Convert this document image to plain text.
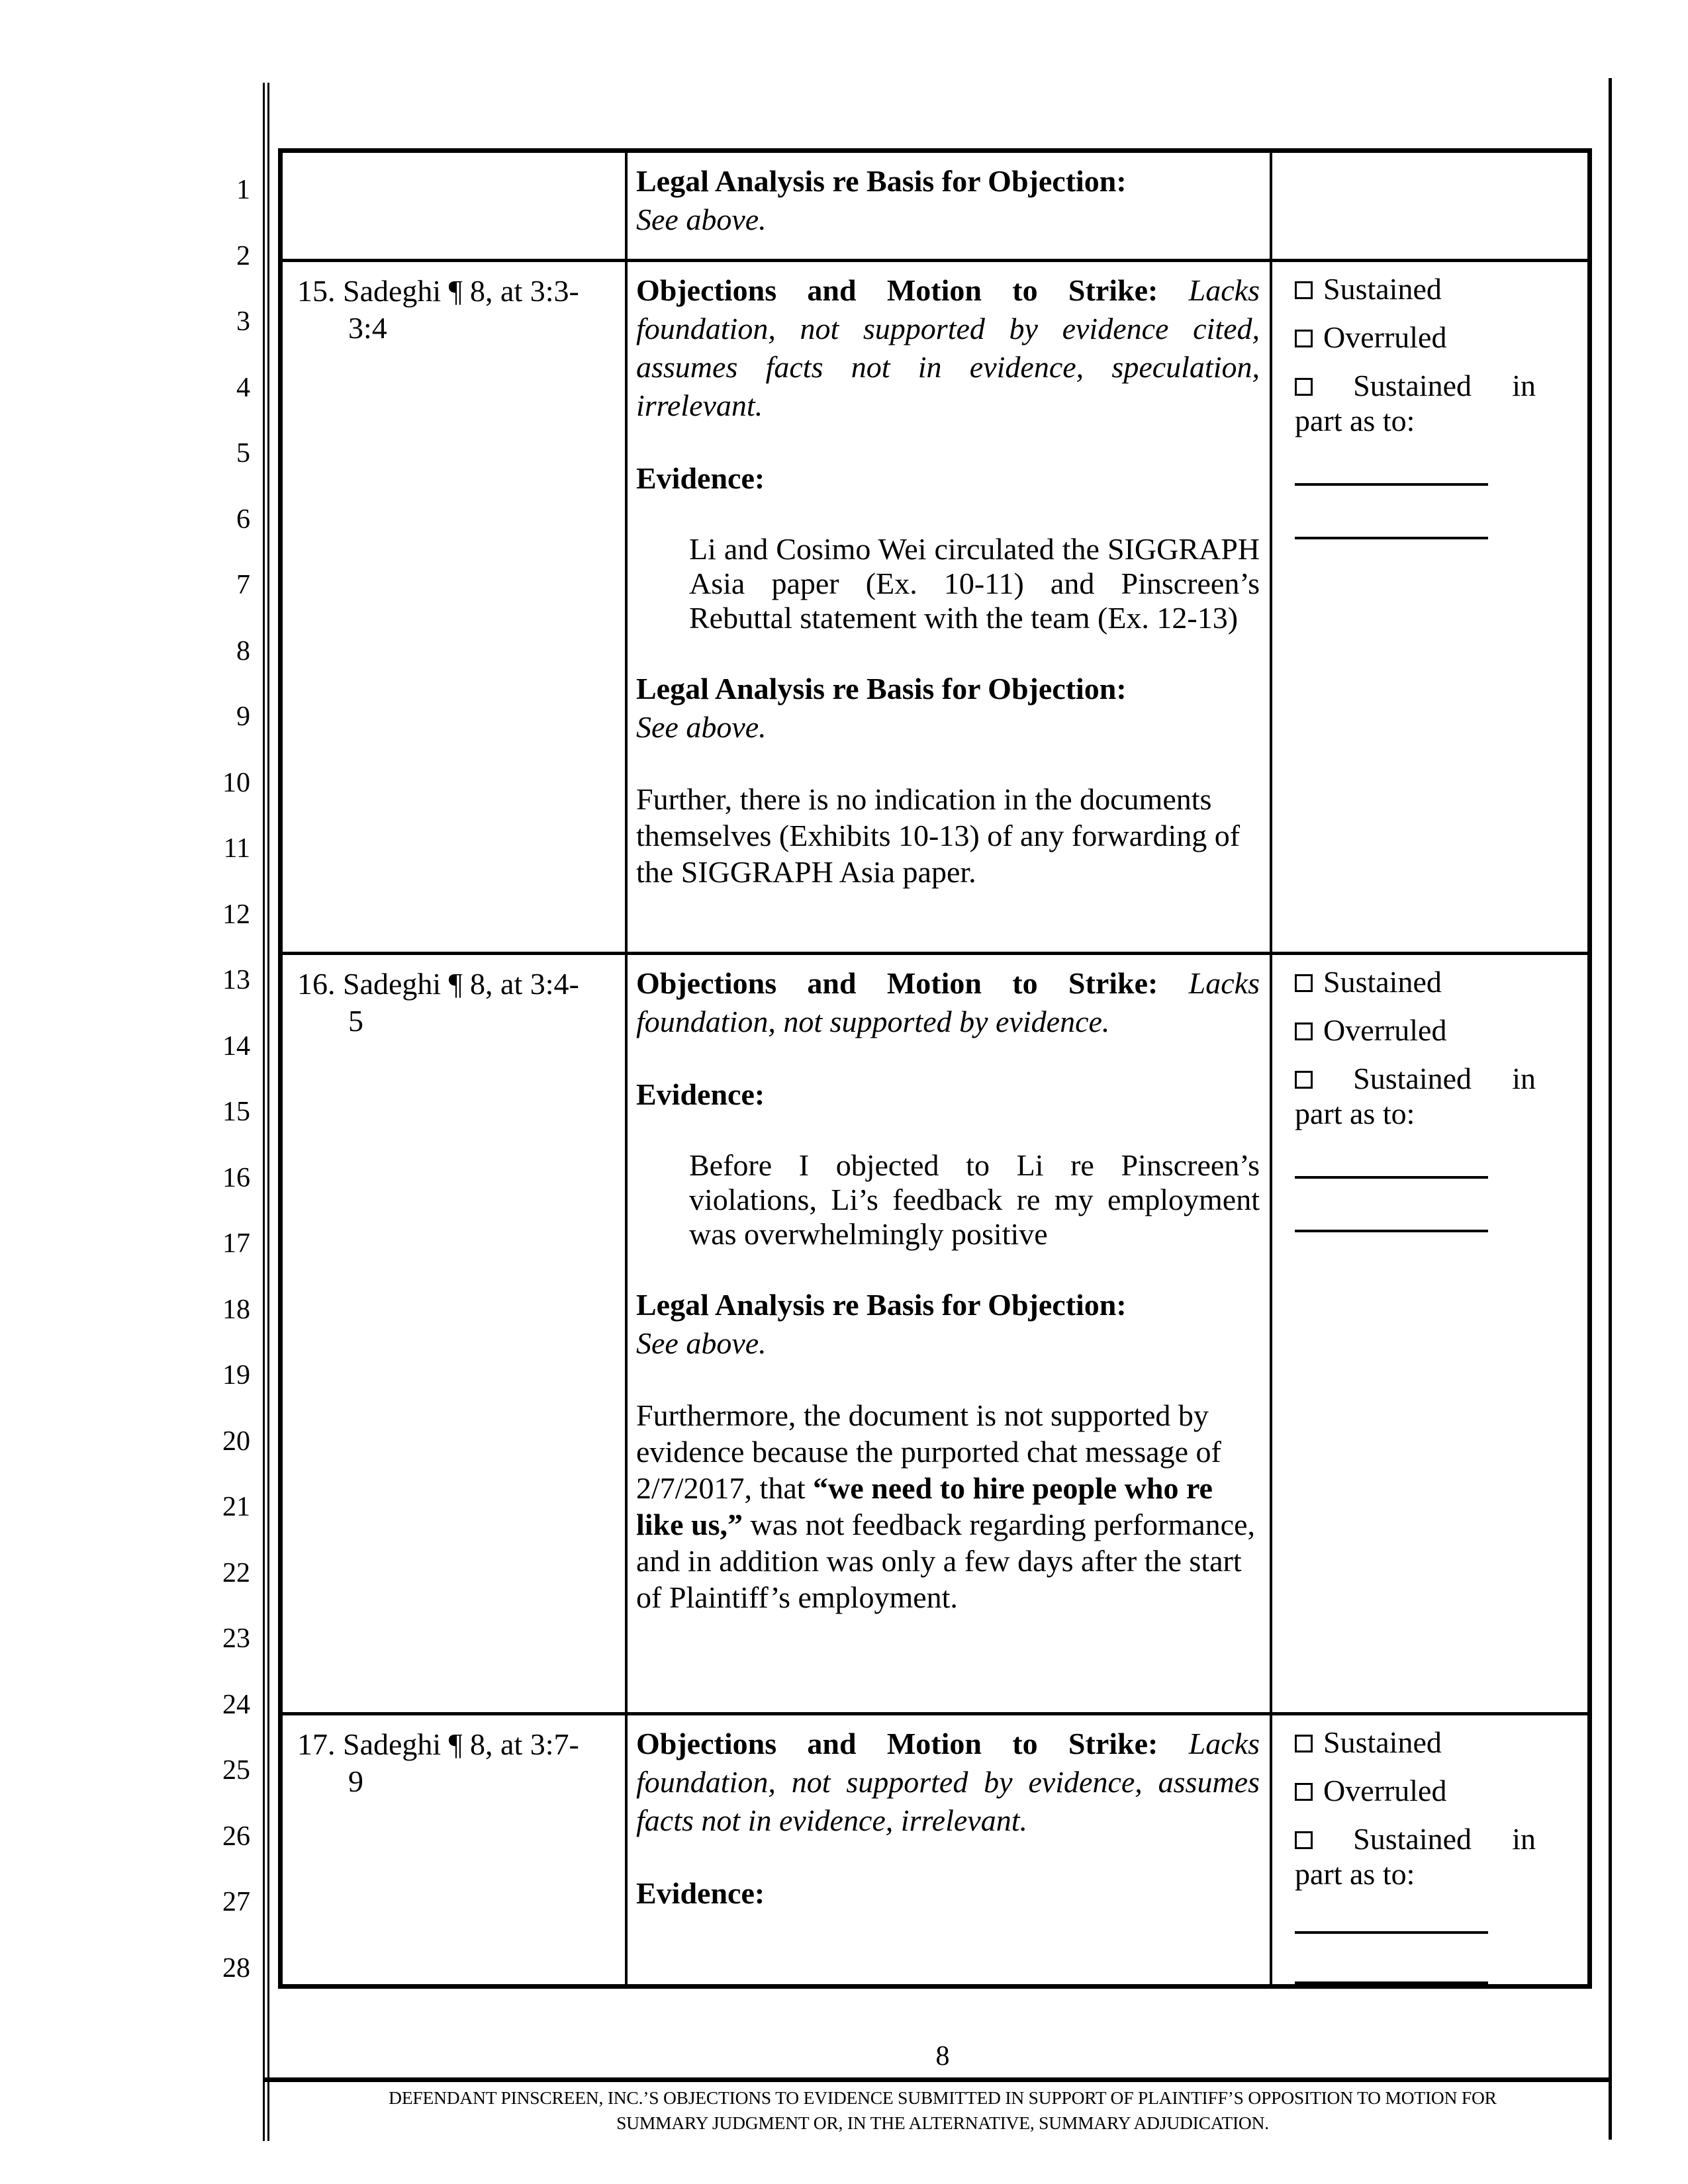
1
2
3
4
5
6
7
8
9
10
11
12
13
14
15
16
17
18
19
20
21
22
23
24
25
26
27
28

Legal Analysis re Basis for Objection:
See above.

15. Sadeghi ¶ 8, at 3:3-
3:4

Objections and Motion to Strike: Lacks foundation, not supported by evidence cited, assumes facts not in evidence, speculation, irrelevant.

Evidence:

Li and Cosimo Wei circulated the SIGGRAPH Asia paper (Ex. 10-11) and Pinscreen’s Rebuttal statement with the team (Ex. 12-13)

Legal Analysis re Basis for Objection:
See above.

Further, there is no indication in the documents themselves (Exhibits 10-13) of any forwarding of the SIGGRAPH Asia paper.

Sustained
Overruled
Sustained in
part as to:
16. Sadeghi ¶ 8, at 3:4-
5

Objections and Motion to Strike: Lacks foundation, not supported by evidence.

Evidence:

Before I objected to Li re Pinscreen’s violations, Li’s feedback re my employment was overwhelmingly positive

Legal Analysis re Basis for Objection:
See above.

Furthermore, the document is not supported by evidence because the purported chat message of 2/7/2017, that “we need to hire people who re like us,” was not feedback regarding performance, and in addition was only a few days after the start of Plaintiff’s employment.

Sustained
Overruled
Sustained in
part as to:
17. Sadeghi ¶ 8, at 3:7-
9

Objections and Motion to Strike: Lacks foundation, not supported by evidence, assumes facts not in evidence, irrelevant.

Evidence:

Sustained
Overruled
Sustained in
part as to:
8
DEFENDANT PINSCREEN, INC.’S OBJECTIONS TO EVIDENCE SUBMITTED IN SUPPORT OF PLAINTIFF’S OPPOSITION TO MOTION FOR
SUMMARY JUDGMENT OR, IN THE ALTERNATIVE, SUMMARY ADJUDICATION.
